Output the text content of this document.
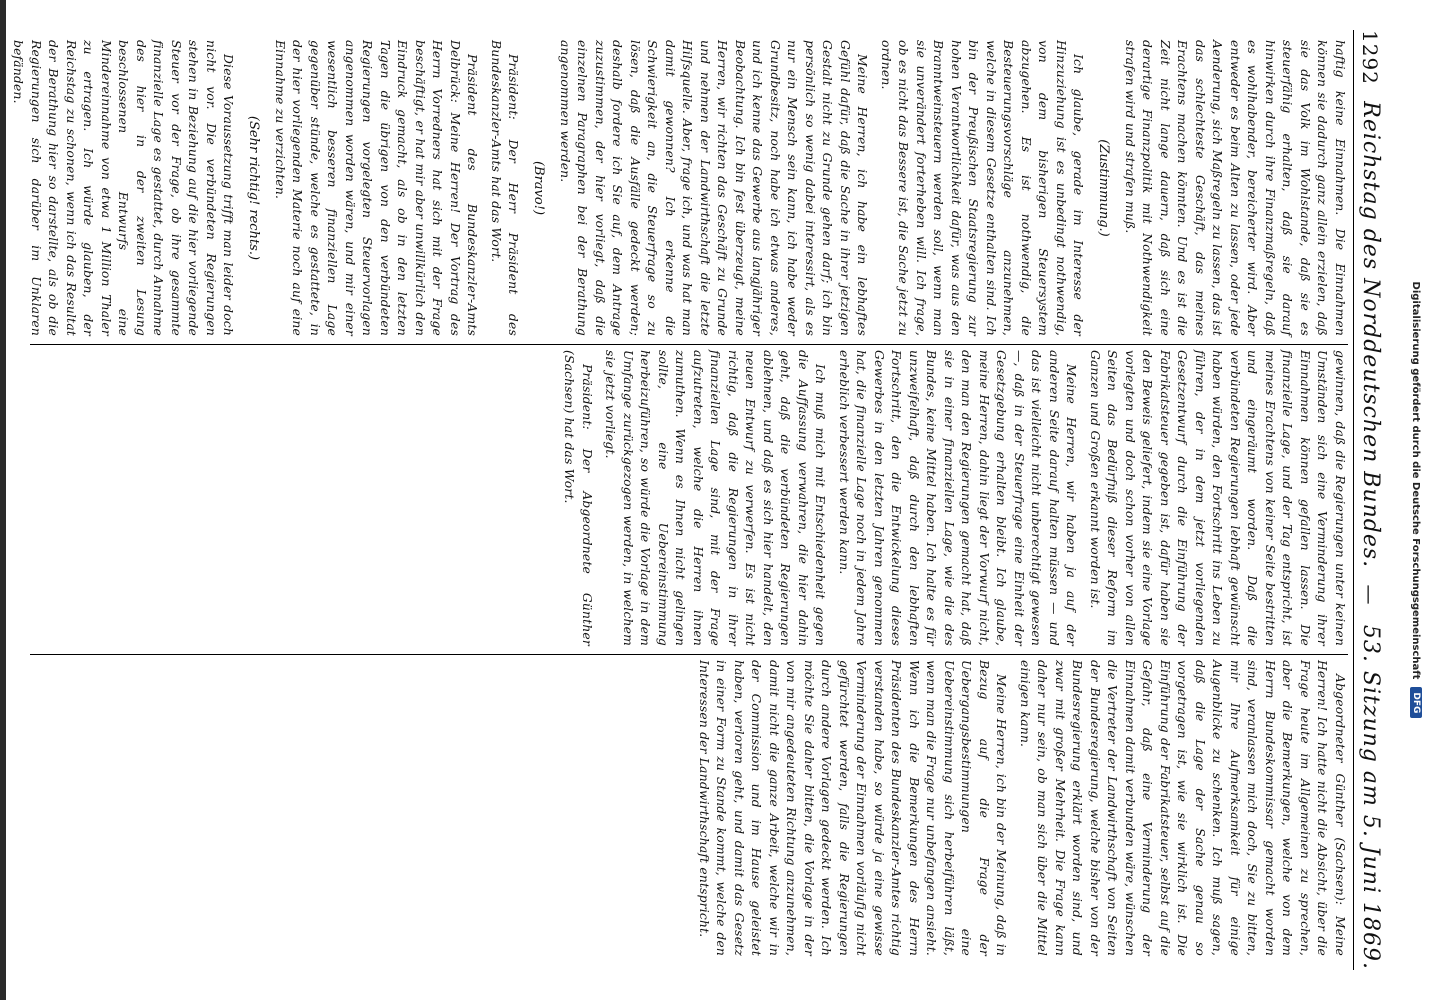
Digitalisierung gefördert durch die Deutsche Forschungsgemeinschaft
DFG
1292
Reichstag des Norddeutschen Bundes.
—
53. Sitzung am 5. Juni 1869.

haftig keine Einnahmen. Die Einnahmen können sie dadurch ganz allein erzielen, daß sie das Volk im Wohlstande, daß sie es steuerfähig erhalten, daß sie darauf hinwirken durch ihre Finanzmaßregeln, daß es wohlhabender, bereicherter wird. Aber entweder es beim Alten zu lassen, oder jede Aenderung, sich Maßregeln zu lassen, das ist das schlechteste Geschäft, das meines Erachtens machen könnten. Und es ist die Zeit nicht lange dauern, daß sich eine derartige Finanzpolitik mit Nothwendigkeit strafen wird und strafen muß.

(Zustimmung.)

Ich glaube, gerade im Interesse der Hinzuziehung ist es unbedingt nothwendig, von dem bisherigen Steuersystem abzugehen. Es ist nothwendig, die Besteuerungsvorschläge anzunehmen, welche in diesem Gesetze enthalten sind. Ich bin der Preußischen Staatsregierung zur hohen Verantwortlichkeit dafür, was aus den Branntweinsteuern werden soll, wenn man sie unverändert forterheben will. Ich frage, ob es nicht das Bessere ist, die Sache jetzt zu ordnen.

Meine Herren, ich habe ein lebhaftes Gefühl dafür, daß die Sache in ihrer jetzigen Gestalt nicht zu Grunde gehen darf; ich bin persönlich so wenig dabei interessirt, als es nur ein Mensch sein kann, ich habe weder Grundbesitz, noch habe ich etwas anderes, und ich kenne das Gewerbe aus langjähriger Beobachtung. Ich bin fest überzeugt, meine Herren, wir richten das Geschäft zu Grunde und nehmen der Landwirthschaft die letzte Hilfsquelle. Aber, frage ich, und was hat man damit gewonnen? Ich erkenne die Schwierigkeit an, die Steuerfrage so zu lösen, daß die Ausfälle gedeckt werden; deshalb fordere ich Sie auf, dem Antrage zuzustimmen, der hier vorliegt, daß die einzelnen Paragraphen bei der Berathung angenommen werden.

(Bravo!)

Präsident: Der Herr Präsident des Bundeskanzler-Amts hat das Wort.

Präsident des Bundeskanzler-Amts Delbrück: Meine Herren! Der Vortrag des Herrn Vorredners hat sich mit der Frage beschäftigt, er hat mir aber unwillkürlich den Eindruck gemacht, als ob in den letzten Tagen die übrigen von den verbündeten Regierungen vorgelegten Steuervorlagen angenommen worden wären, und mir einer wesentlich besseren finanziellen Lage gegenüber stünde, welche es gestattete, in der hier vorliegenden Materie noch auf eine Einnahme zu verzichten.

(Sehr richtig! rechts.)

Diese Voraussetzung trifft man leider doch nicht vor. Die verbündeten Regierungen stehen in Beziehung auf die hier vorliegende Steuer vor der Frage, ob ihre gesammte finanzielle Lage es gestattet, durch Annahme des hier in der zweiten Lesung beschlossenen Entwurfs eine Mindereinnahme von etwa 1 Million Thaler zu ertragen. Ich würde glauben, der Reichstag zu schonen, wenn ich das Resultat der Berathung hier so darstellte, als ob die Regierungen sich darüber im Unklaren befänden.

gewinnen, daß die Regierungen unter keinen Umständen sich eine Verminderung ihrer Einnahmen können gefallen lassen. Die finanzielle Lage, und der Tag entspricht, ist meines Erachtens von keiner Seite bestritten und eingeräumt worden. Daß die verbündeten Regierungen lebhaft gewünscht haben würden, den Fortschritt ins Leben zu führen, der in dem jetzt vorliegenden Gesetzentwurf durch die Einführung der Fabrikatsteuer gegeben ist, dafür haben sie den Beweis geliefert, indem sie eine Vorlage vorlegten und doch schon vorher von allen Seiten das Bedürfniß dieser Reform im Ganzen und Großen erkannt worden ist.

Meine Herren, wir haben ja auf der anderen Seite darauf halten müssen — und das ist vielleicht nicht unberechtigt gewesen —, daß in der Steuerfrage eine Einheit der Gesetzgebung erhalten bleibt. Ich glaube, meine Herren, dahin liegt der Vorwurf nicht, den man den Regierungen gemacht hat, daß sie in einer finanziellen Lage, wie die des Bundes, keine Mittel haben. Ich halte es für unzweifelhaft, daß durch den lebhaften Fortschritt, den die Entwickelung dieses Gewerbes in den letzten Jahren genommen hat, die finanzielle Lage noch in jedem Jahre erheblich verbessert werden kann.

Ich muß mich mit Entschiedenheit gegen die Auffassung verwahren, die hier dahin geht, daß die verbündeten Regierungen ablehnen, und daß es sich hier handelt, den neuen Entwurf zu verwerfen. Es ist nicht richtig, daß die Regierungen in ihrer finanziellen Lage sind, mit der Frage aufzutreten, welche die Herren ihnen zumuthen. Wenn es Ihnen nicht gelingen sollte, eine Uebereinstimmung herbeizuführen, so würde die Vorlage in dem Umfange zurückgezogen werden, in welchem sie jetzt vorliegt.

Präsident: Der Abgeordnete Günther (Sachsen) hat das Wort.

Abgeordneter Günther (Sachsen): Meine Herren! Ich hatte nicht die Absicht, über die Frage heute im Allgemeinen zu sprechen, aber die Bemerkungen, welche von dem Herrn Bundeskommissar gemacht worden sind, veranlassen mich doch, Sie zu bitten, mir Ihre Aufmerksamkeit für einige Augenblicke zu schenken. Ich muß sagen, daß die Lage der Sache genau so vorgetragen ist, wie sie wirklich ist. Die Einführung der Fabrikatsteuer, selbst auf die Gefahr, daß eine Verminderung der Einnahmen damit verbunden wäre, wünschen die Vertreter der Landwirthschaft von Seiten der Bundesregierung, welche bisher von der Bundesregierung erklärt worden sind, und zwar mit großer Mehrheit. Die Frage kann daher nur sein, ob man sich über die Mittel einigen kann.

Meine Herren, ich bin der Meinung, daß in Bezug auf die Frage der Uebergangsbestimmungen eine Uebereinstimmung sich herbeiführen läßt, wenn man die Frage nur unbefangen ansieht. Wenn ich die Bemerkungen des Herrn Präsidenten des Bundeskanzler-Amtes richtig verstanden habe, so würde ja eine gewisse Verminderung der Einnahmen vorläufig nicht gefürchtet werden, falls die Regierungen durch andere Vorlagen gedeckt werden. Ich möchte Sie daher bitten, die Vorlage in der von mir angedeuteten Richtung anzunehmen, damit nicht die ganze Arbeit, welche wir in der Commission und im Hause geleistet haben, verloren geht, und damit das Gesetz in einer Form zu Stande kommt, welche den Interessen der Landwirthschaft entspricht.
